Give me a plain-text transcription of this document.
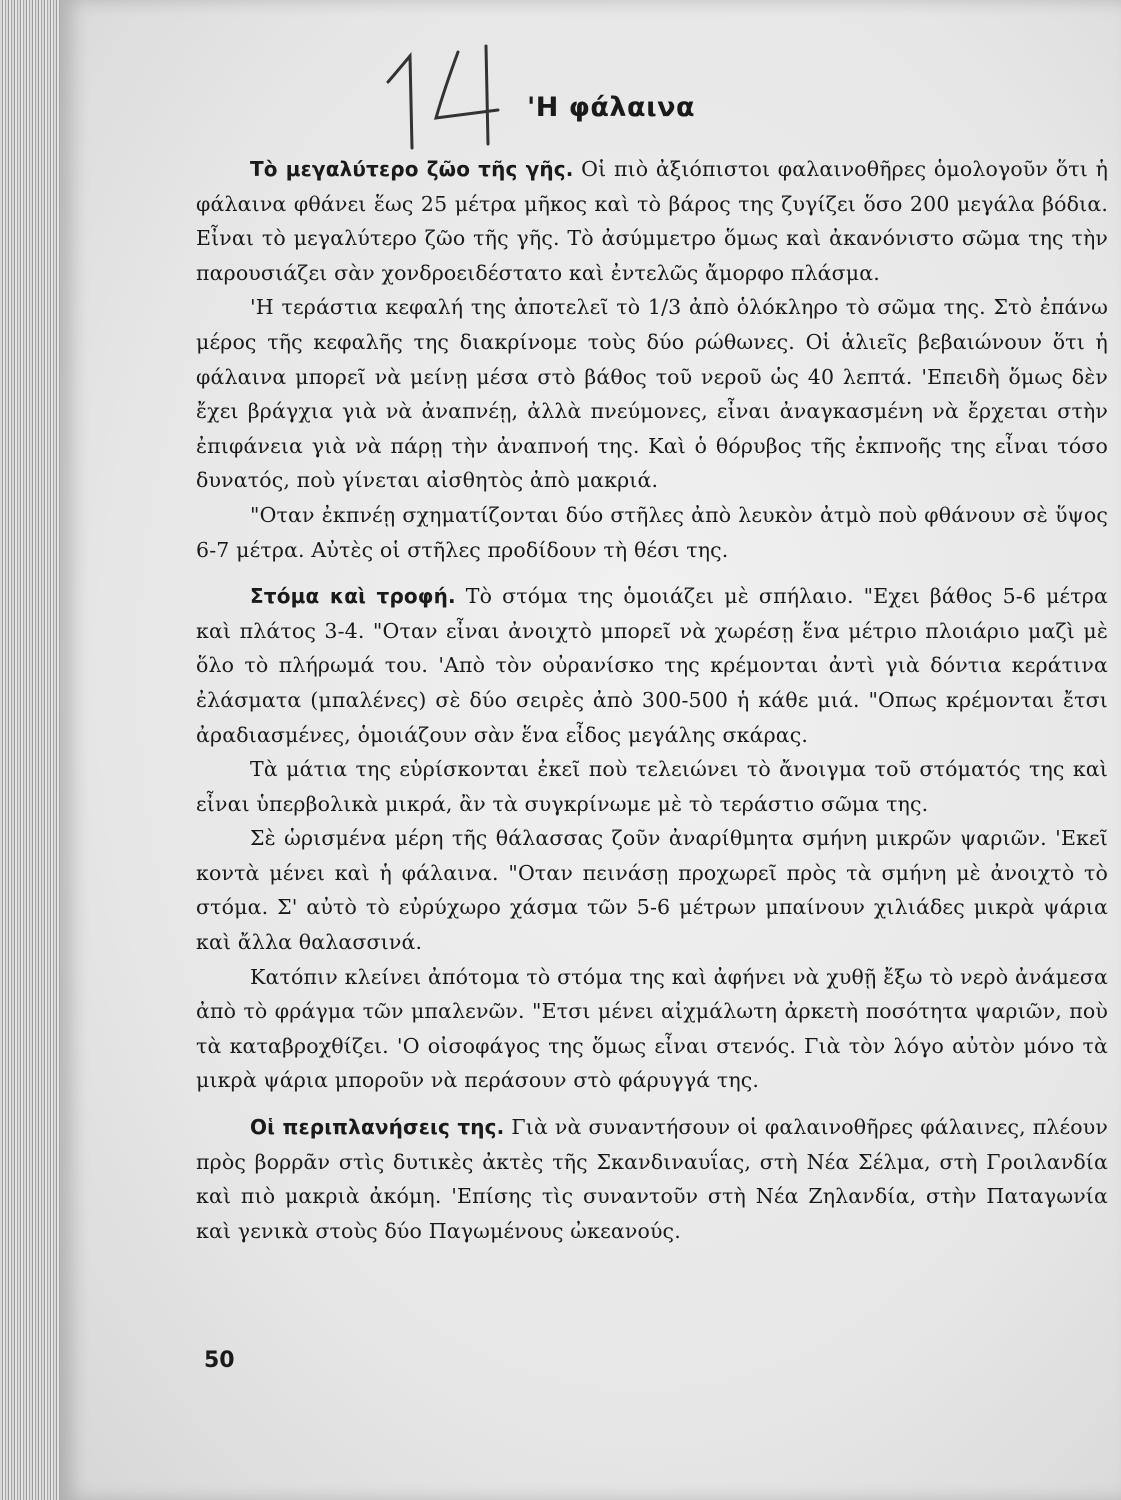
'Η φάλαινα

Τὸ μεγαλύτερο ζῶο τῆς γῆς. Οἱ πιὸ ἀξιόπιστοι φαλαινοθῆρες ὁμολογοῦν ὅτι ἡ φάλαινα φθάνει ἕως 25 μέτρα μῆκος καὶ τὸ βάρος της ζυγίζει ὅσο 200 μεγάλα βόδια. Εἶναι τὸ μεγαλύτερο ζῶο τῆς γῆς. Τὸ ἀσύμμετρο ὅμως καὶ ἀκανόνιστο σῶμα της τὴν παρουσιάζει σὰν χονδροειδέστατο καὶ ἐντελῶς ἄμορφο πλάσμα.

'Η τεράστια κεφαλή της ἀποτελεῖ τὸ 1/3 ἀπὸ ὁλόκληρο τὸ σῶμα της. Στὸ ἐπάνω μέρος τῆς κεφαλῆς της διακρίνομε τοὺς δύο ρώθωνες. Οἱ ἁλιεῖς βεβαιώνουν ὅτι ἡ φάλαινα μπορεῖ νὰ μείνῃ μέσα στὸ βάθος τοῦ νεροῦ ὡς 40 λεπτά. 'Επειδὴ ὅμως δὲν ἔχει βράγχια γιὰ νὰ ἀναπνέῃ, ἀλλὰ πνεύμονες, εἶναι ἀναγκασμένη νὰ ἔρχεται στὴν ἐπιφάνεια γιὰ νὰ πάρῃ τὴν ἀναπνοή της. Καὶ ὁ θόρυβος τῆς ἐκπνοῆς της εἶναι τόσο δυνατός, ποὺ γίνεται αἰσθητὸς ἀπὸ μακριά.

"Οταν ἐκπνέῃ σχηματίζονται δύο στῆλες ἀπὸ λευκὸν ἀτμὸ ποὺ φθάνουν σὲ ὕψος 6-7 μέτρα. Αὐτὲς οἱ στῆλες προδίδουν τὴ θέσι της.

Στόμα καὶ τροφή. Τὸ στόμα της ὁμοιάζει μὲ σπήλαιο. "Εχει βάθος 5-6 μέτρα καὶ πλάτος 3-4. "Οταν εἶναι ἀνοιχτὸ μπορεῖ νὰ χωρέσῃ ἕνα μέτριο πλοιάριο μαζὶ μὲ ὅλο τὸ πλήρωμά του. 'Απὸ τὸν οὐρανίσκο της κρέμονται ἀντὶ γιὰ δόντια κεράτινα ἐλάσματα (μπαλένες) σὲ δύο σειρὲς ἀπὸ 300-500 ἡ κάθε μιά. "Οπως κρέμονται ἔτσι ἀραδιασμένες, ὁμοιάζουν σὰν ἕνα εἶδος μεγάλης σκάρας.

Τὰ μάτια της εὑρίσκονται ἐκεῖ ποὺ τελειώνει τὸ ἄνοιγμα τοῦ στόματός της καὶ εἶναι ὑπερβολικὰ μικρά, ἂν τὰ συγκρίνωμε μὲ τὸ τεράστιο σῶμα της.

Σὲ ὡρισμένα μέρη τῆς θάλασσας ζοῦν ἀναρίθμητα σμήνη μικρῶν ψαριῶν. 'Εκεῖ κοντὰ μένει καὶ ἡ φάλαινα. "Οταν πεινάσῃ προχωρεῖ πρὸς τὰ σμήνη μὲ ἀνοιχτὸ τὸ στόμα. Σ' αὐτὸ τὸ εὐρύχωρο χάσμα τῶν 5-6 μέτρων μπαίνουν χιλιάδες μικρὰ ψάρια καὶ ἄλλα θαλασσινά.

Κατόπιν κλείνει ἀπότομα τὸ στόμα της καὶ ἀφήνει νὰ χυθῇ ἔξω τὸ νερὸ ἀνάμεσα ἀπὸ τὸ φράγμα τῶν μπαλενῶν. "Ετσι μένει αἰχμάλωτη ἀρκετὴ ποσότητα ψαριῶν, ποὺ τὰ καταβροχθίζει. 'Ο οἰσοφάγος της ὅμως εἶναι στενός. Γιὰ τὸν λόγο αὐτὸν μόνο τὰ μικρὰ ψάρια μποροῦν νὰ περάσουν στὸ φάρυγγά της.

Οἱ περιπλανήσεις της. Γιὰ νὰ συναντήσουν οἱ φαλαινοθῆρες φάλαινες, πλέουν πρὸς βορρᾶν στὶς δυτικὲς ἀκτὲς τῆς Σκανδιναυΐας, στὴ Νέα Σέλμα, στὴ Γροιλανδία καὶ πιὸ μακριὰ ἀκόμη. 'Επίσης τὶς συναντοῦν στὴ Νέα Ζηλανδία, στὴν Παταγωνία καὶ γενικὰ στοὺς δύο Παγωμένους ὠκεανούς.

50
